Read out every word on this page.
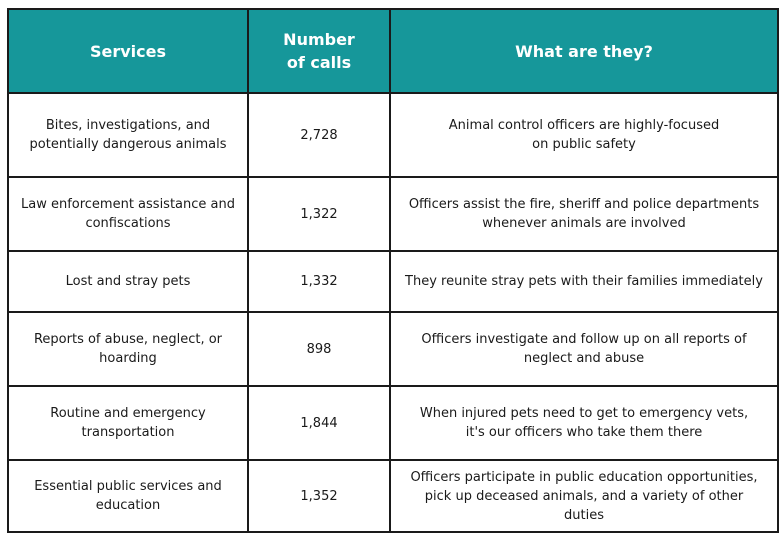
Services	Number of calls	What are they?
Bites, investigations, and potentially dangerous animals	2,728	Animal control officers are highly-focused on public safety
Law enforcement assistance and confiscations	1,322	Officers assist the fire, sheriff and police departments whenever animals are involved
Lost and stray pets	1,332	They reunite stray pets with their families immediately
Reports of abuse, neglect, or hoarding	898	Officers investigate and follow up on all reports of neglect and abuse
Routine and emergency transportation	1,844	When injured pets need to get to emergency vets, it's our officers who take them there
Essential public services and education	1,352	Officers participate in public education opportunities, pick up deceased animals, and a variety of other duties
